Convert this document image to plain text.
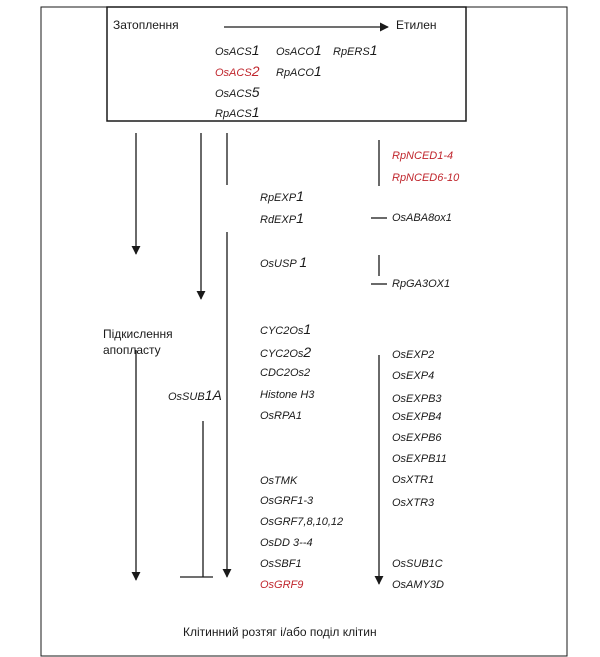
Затоплення	Етилен
OsACS1 OsACO1 RpERS1
OsACS2 RpACO1
OsACS5
RpACS1
Підкислення
апопласту
OsSUB1A
RpEXP1
RdEXP1
OsUSP 1
CYC2Os1
CYC2Os2
CDC2Os2
Histone H3
OsRPA1
OsTMK
OsGRF1-3
OsGRF7,8,10,12
OsDD 3--4
OsSBF1
OsGRF9
RpNCED1-4
RpNCED6-10
OsABA8ox1
RpGA3OX1
OsEXP2
OsEXP4
OsEXPB3
OsEXPB4
OsEXPB6
OsEXPB11
OsXTR1
OsXTR3
OsSUB1C
OsAMY3D
Клітинний розтяг і/або поділ клітин
